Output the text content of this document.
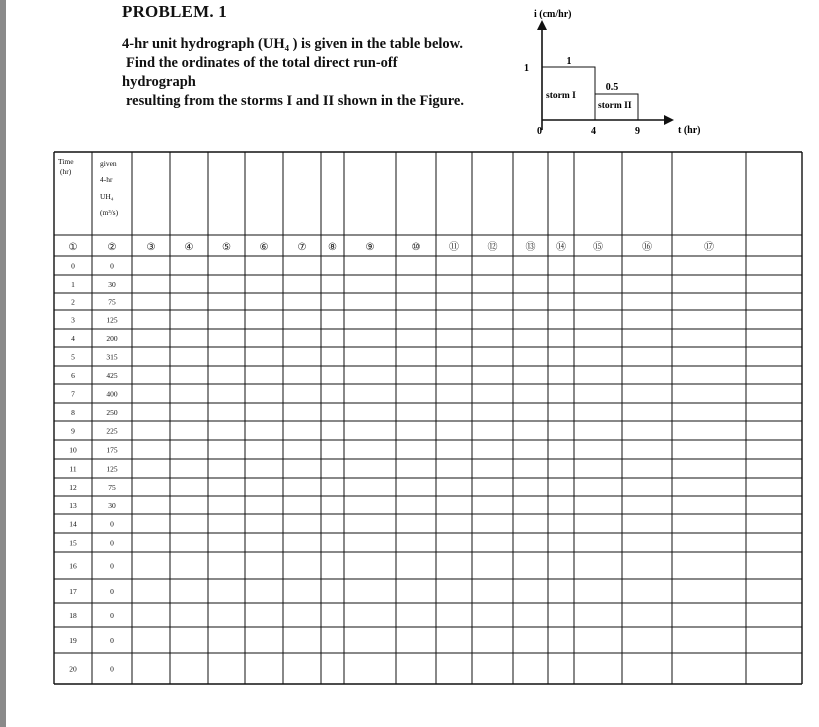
PROBLEM. 1
4-hr unit hydrograph (UH₄ ) is given in the table below.
Find the ordinates of the total direct run-off
hydrograph
resulting from the storms I and II shown in the Figure.
i (cm/hr)
t (hr)
1
0	4	9
1
0.5
storm I
storm II
Time
(hr)
given
4-hr
UH₄
(m³/s)
①	②	③	④	⑤	⑥	⑦ ⑧	⑨	⑩	⑪	⑫	⑬ ⑭	⑮	⑯	⑰
0	0
1	30
2	75
3	125
4	200
5	315
6	425
7	400
8	250
9	225
10	175
11	125
12	75
13	30
14	0
15	0
16	0
17	0
18	0
19	0
20	0
